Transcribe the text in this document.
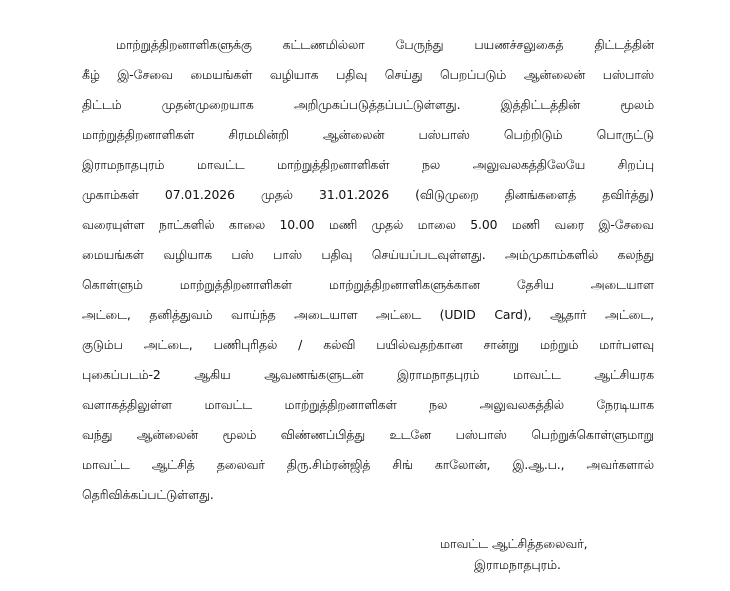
மாற்றுத்திறனாளிகளுக்கு	கட்டணமில்லா	பேருந்து	பயணச்சலுகைத்	திட்டத்தின்
கீழ் இ-சேவை மையங்கள் வழியாக பதிவு செய்து பெறப்படும் ஆன்லைன் பஸ்பாஸ்
திட்டம்	முதன்முறையாக	அறிமுகப்படுத்தப்பட்டுள்ளது.	இத்திட்டத்தின்	மூலம்
மாற்றுத்திறனாளிகள்	சிரமமின்றி	ஆன்லைன்	பஸ்பாஸ்	பெற்றிடும்	பொருட்டு
இராமநாதபுரம்	மாவட்ட	மாற்றுத்திறனாளிகள்	நல	அலுவலகத்திலேயே	சிறப்பு
முகாம்கள் 07.01.2026 முதல் 31.01.2026 (விடுமுறை தினங்களைத் தவிர்த்து)
வரையுள்ள நாட்களில் காலை 10.00 மணி முதல் மாலை 5.00 மணி வரை இ-சேவை
மையங்கள் வழியாக பஸ் பாஸ் பதிவு செய்யப்படவுள்ளது. அம்முகாம்களில் கலந்து
கொள்ளும்	மாற்றுத்திறனாளிகள்	மாற்றுத்திறனாளிகளுக்கான	தேசிய	அடையாள
அட்டை, தனித்துவம் வாய்ந்த அடையாள அட்டை (UDID Card), ஆதார் அட்டை,
குடும்ப அட்டை, பணிபுரிதல் / கல்வி பயில்வதற்கான சான்று மற்றும் மார்பளவு
புகைப்படம்-2	ஆகிய	ஆவணங்களுடன்	இராமநாதபுரம்	மாவட்ட	ஆட்சியரக
வளாகத்திலுள்ள	மாவட்ட	மாற்றுத்திறனாளிகள்	நல	அலுவலகத்தில்	நேரடியாக
வந்து ஆன்லைன் மூலம் விண்ணப்பித்து உடனே பஸ்பாஸ் பெற்றுக்கொள்ளுமாறு
மாவட்ட ஆட்சித் தலைவர் திரு.சிம்ரன்ஜித் சிங் காலோன், இ.ஆ.ப., அவர்களால்
தெரிவிக்கப்பட்டுள்ளது.
மாவட்ட ஆட்சித்தலைவர்,
இராமநாதபுரம்.
